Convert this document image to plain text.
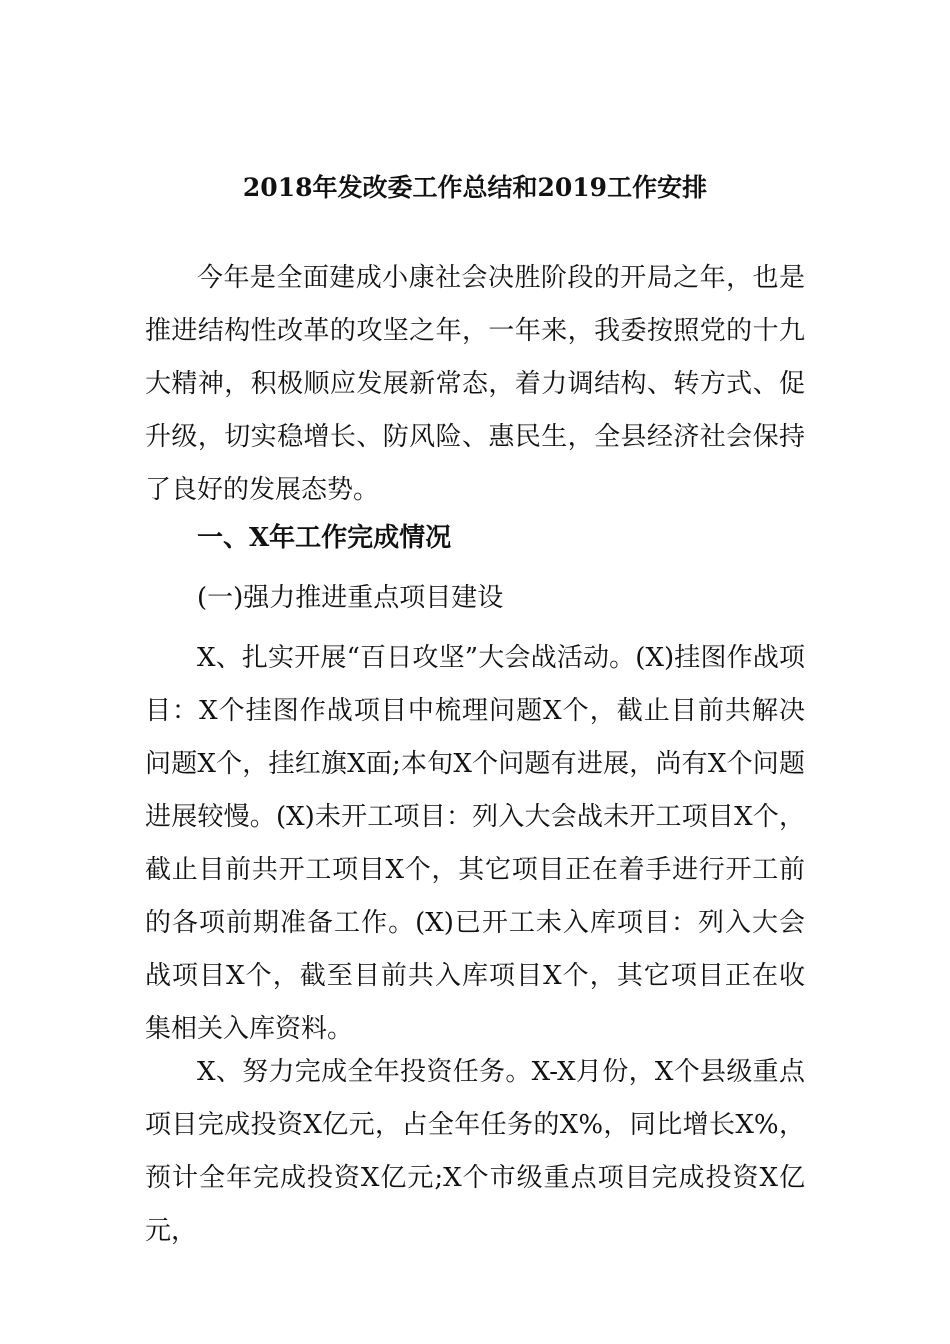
2018年发改委工作总结和2019工作安排

今年是全面建成小康社会决胜阶段的开局之年，也是推进结构性改革的攻坚之年，一年来，我委按照党的十九大精神，积极顺应发展新常态，着力调结构、转方式、促升级，切实稳增长、防风险、惠民生，全县经济社会保持了良好的发展态势。

一、X年工作完成情况

(一)强力推进重点项目建设

X、扎实开展“百日攻坚”大会战活动。(X)挂图作战项目：X个挂图作战项目中梳理问题X个，截止目前共解决问题X个，挂红旗X面;本旬X个问题有进展，尚有X个问题进展较慢。(X)未开工项目：列入大会战未开工项目X个，截止目前共开工项目X个，其它项目正在着手进行开工前的各项前期准备工作。(X)已开工未入库项目：列入大会战项目X个，截至目前共入库项目X个，其它项目正在收集相关入库资料。

X、努力完成全年投资任务。X-X月份，X个县级重点项目完成投资X亿元，占全年任务的X%，同比增长X%，预计全年完成投资X亿元;X个市级重点项目完成投资X亿元，
